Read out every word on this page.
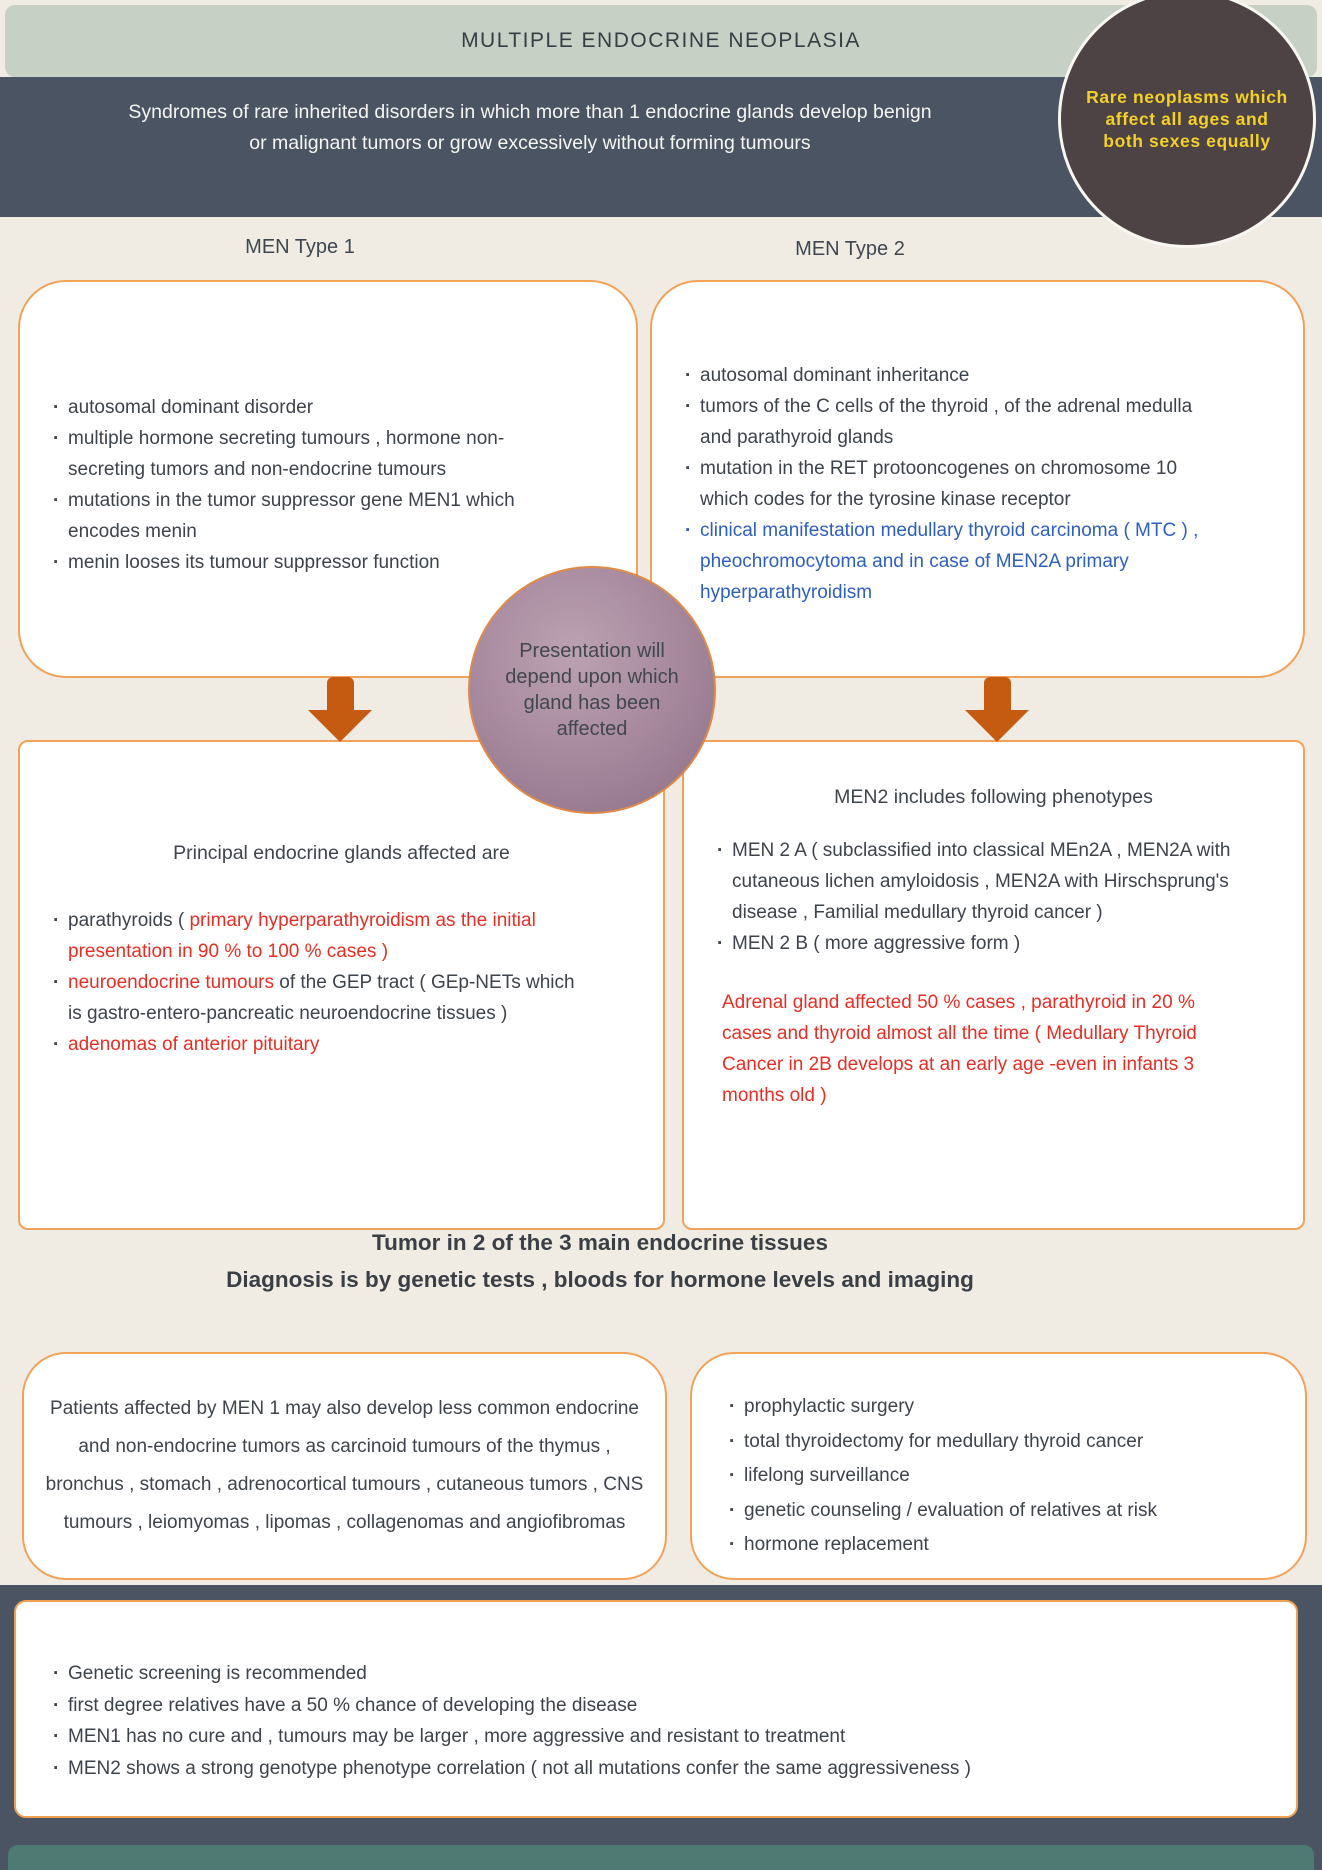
MULTIPLE ENDOCRINE NEOPLASIA
Syndromes of rare inherited disorders in which more than 1 endocrine glands develop benign
or malignant tumors or grow excessively without forming tumours
Rare neoplasms which affect all ages and both sexes equally
MEN Type 1	MEN Type 2
· autosomal dominant disorder
· multiple hormone secreting tumours , hormone non-secreting tumors and non-endocrine tumours
· mutations in the tumor suppressor gene MEN1 which encodes menin
· menin looses its tumour suppressor function
· autosomal dominant inheritance
· tumors of the C cells of the thyroid , of the adrenal medulla and parathyroid glands
· mutation in the RET protooncogenes on chromosome 10 which codes for the tyrosine kinase receptor
· clinical manifestation medullary thyroid carcinoma ( MTC ) , pheochromocytoma and in case of MEN2A primary hyperparathyroidism
Presentation will depend upon which gland has been affected
Principal endocrine glands affected are
· parathyroids ( primary hyperparathyroidism as the initial presentation in 90 % to 100 % cases )
· neuroendocrine tumours of the GEP tract ( GEp-NETs which is gastro-entero-pancreatic neuroendocrine tissues )
· adenomas of anterior pituitary
MEN2 includes following phenotypes
· MEN 2 A ( subclassified into classical MEn2A , MEN2A with cutaneous lichen amyloidosis , MEN2A with Hirschsprung's disease , Familial medullary thyroid cancer )
· MEN 2 B ( more aggressive form )
Adrenal gland affected 50 % cases , parathyroid in 20 % cases and thyroid almost all the time ( Medullary Thyroid Cancer in 2B develops at an early age -even in infants 3 months old )
Tumor in 2 of the 3 main endocrine tissues
Diagnosis is by genetic tests , bloods for hormone levels and imaging
Patients affected by MEN 1 may also develop less common endocrine and non-endocrine tumors as carcinoid tumours of the thymus , bronchus , stomach , adrenocortical tumours , cutaneous tumors , CNS tumours , leiomyomas , lipomas , collagenomas and angiofibromas
· prophylactic surgery
· total thyroidectomy for medullary thyroid cancer
· lifelong surveillance
· genetic counseling / evaluation of relatives at risk
· hormone replacement
· Genetic screening is recommended
· first degree relatives have a 50 % chance of developing the disease
· MEN1 has no cure and , tumours may be larger , more aggressive and resistant to treatment
· MEN2 shows a strong genotype phenotype correlation ( not all mutations confer the same aggressiveness )
